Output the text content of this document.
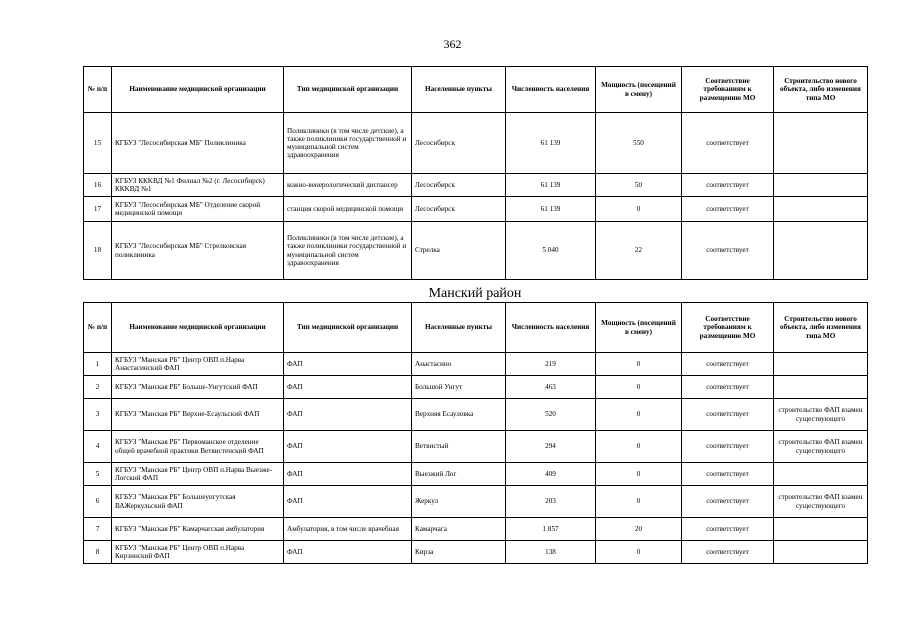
362
№ п/п	Наименование медицинской организации	Тип медицинской организации	Населенные пункты	Численность населения	Мощность (посещений в смену)	Соответствие требованиям к размещению МО	Строительство нового объекта, либо изменения типа МО
15	КГБУЗ "Лесосибирская МБ" Поликлиника	Поликлиники (в том числе детские), а также поликлиники государственной и муниципальной систем здравоохранения	Лесосибирск	61 139	550	соответствует	
16	КГБУЗ ККKВД №1 Филиал №2 (г. Лесосибирск) ККKВД №1	кожно-венерологический диспансер	Лесосибирск	61 139	50	соответствует	
17	КГБУЗ "Лесосибирская МБ" Отделение скорой медицинской помощи	станция скорой медицинской помощи	Лесосибирск	61 139	0	соответствует	
18	КГБУЗ "Лесосибирская МБ" Стрелковская поликлиника	Поликлиники (в том числе детские), а также поликлиники государственной и муниципальной систем здравоохранения	Стрелка	5 040	22	соответствует	
Манский район
№ п/п	Наименование медицинской организации	Тип медицинской организации	Населенные пункты	Численность населения	Мощность (посещений в смену)	Соответствие требованиям к размещению МО	Строительство нового объекта, либо изменения типа МО
1	КГБУЗ "Манская РБ" Центр ОВП п.Нарва Анастасинский ФАП	ФАП	Анастасино	219	0	соответствует	
2	КГБУЗ "Манская РБ" Больше-Унгутский ФАП	ФАП	Большой Унгут	463	0	соответствует	
3	КГБУЗ "Манская РБ" Верхне-Есаульский ФАП	ФАП	Верхняя Есауловка	520	0	соответствует	строительство ФАП взамен существующего
4	КГБУЗ "Манская РБ" Первоманское отделение общей врачебной практики Ветвистенский ФАП	ФАП	Ветвистый	294	0	соответствует	строительство ФАП взамен существующего
5	КГБУЗ "Манская РБ" Центр ОВП п.Нарва Выезже-Логский ФАП	ФАП	Выезжий Лог	409	0	соответствует	
6	КГБУЗ "Манская РБ" Большеунгутская ВАЖеркульский ФАП	ФАП	Жеркул	203	0	соответствует	строительство ФАП взамен существующего
7	КГБУЗ "Манская РБ" Камарчагская амбулатория	Амбулатория, в том числе врачебная	Камарчага	1 857	20	соответствует	
8	КГБУЗ "Манская РБ" Центр ОВП п.Нарва Кирзинский ФАП	ФАП	Кирза	138	0	соответствует	
